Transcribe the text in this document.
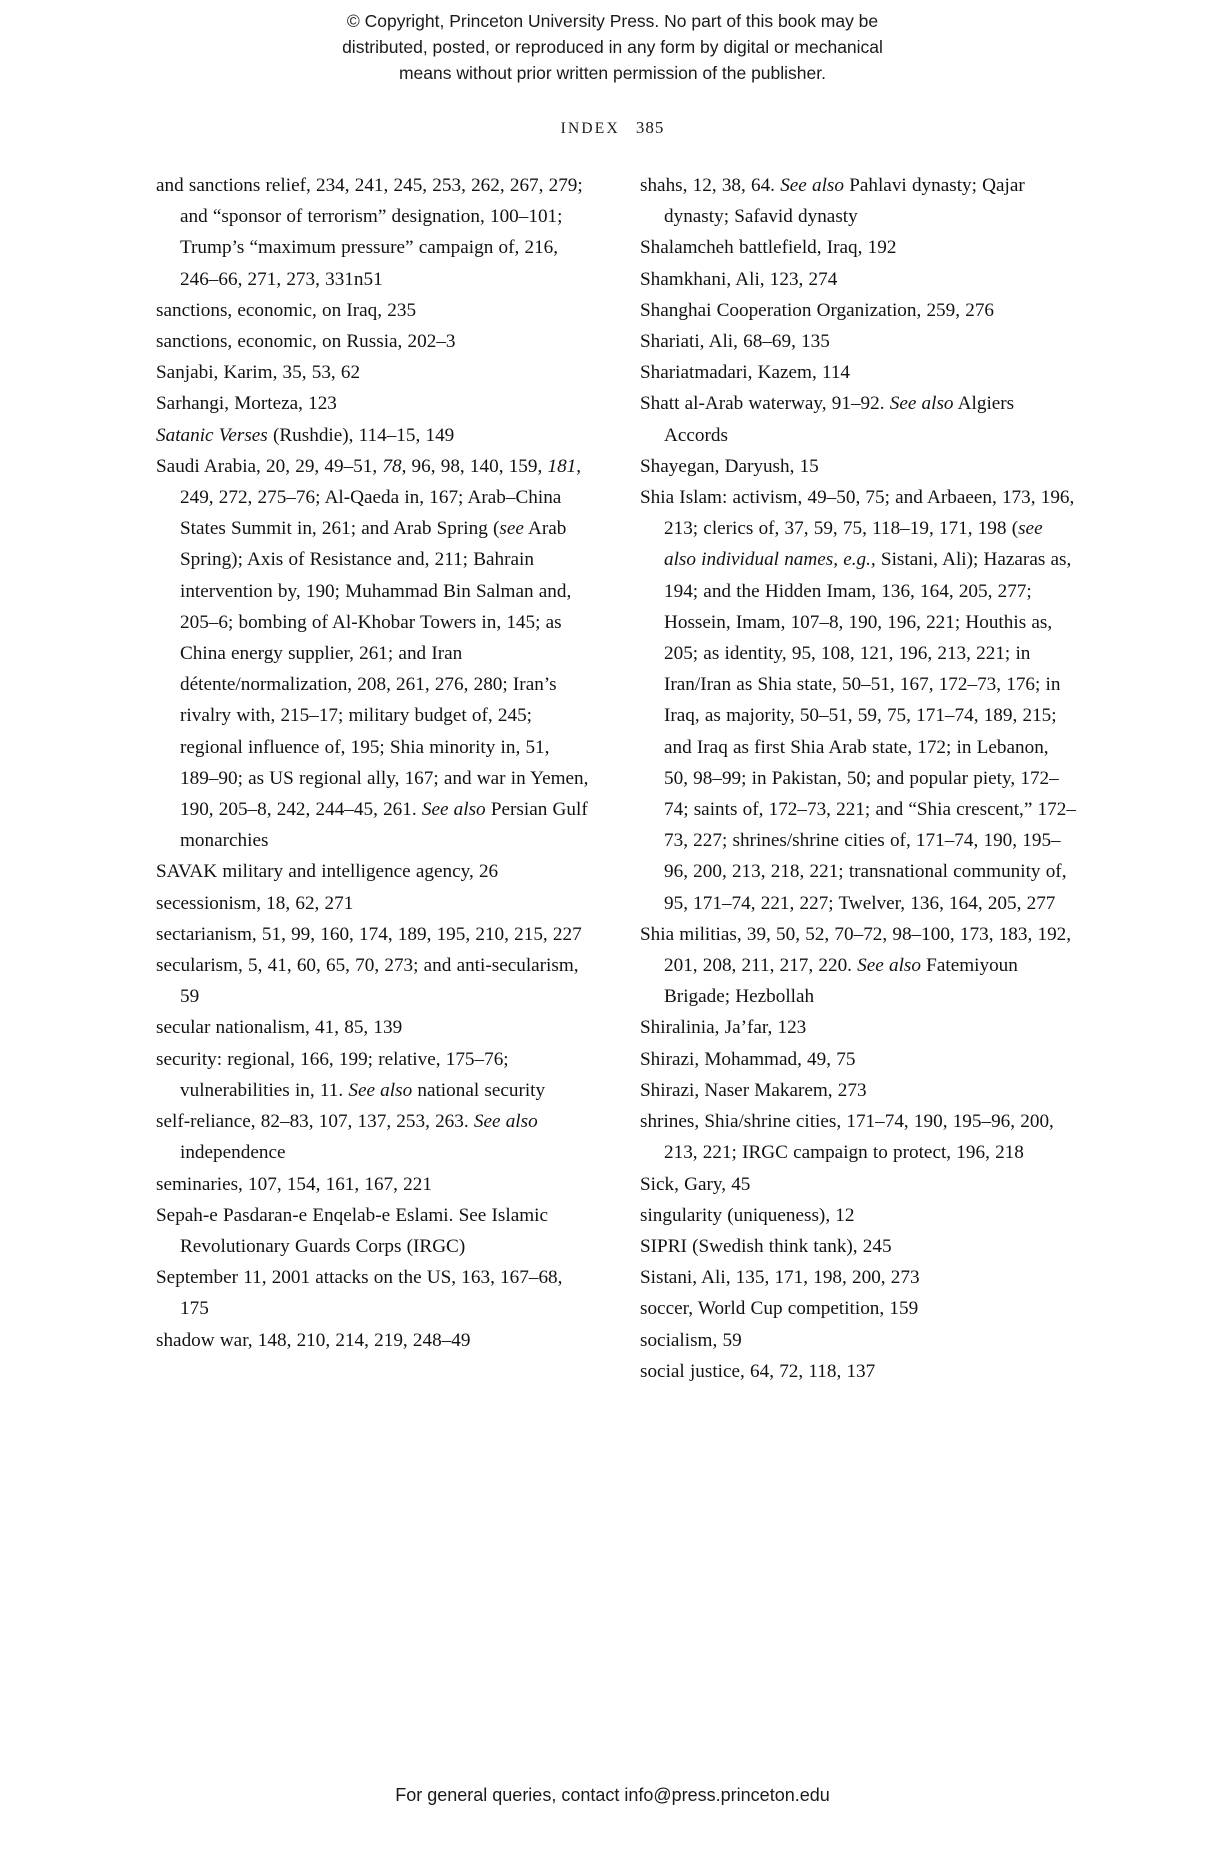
© Copyright, Princeton University Press. No part of this book may be
distributed, posted, or reproduced in any form by digital or mechanical
means without prior written permission of the publisher.
INDEX 385

and sanctions relief, 234, 241, 245, 253, 262, 267, 279; and “sponsor of terrorism” designation, 100–101; Trump’s “maximum pressure” campaign of, 216, 246–66, 271, 273, 331n51

sanctions, economic, on Iraq, 235

sanctions, economic, on Russia, 202–3

Sanjabi, Karim, 35, 53, 62

Sarhangi, Morteza, 123

Satanic Verses (Rushdie), 114–15, 149

Saudi Arabia, 20, 29, 49–51, 78, 96, 98, 140, 159, 181, 249, 272, 275–76; Al-Qaeda in, 167; Arab–China States Summit in, 261; and Arab Spring (see Arab Spring); Axis of Resistance and, 211; Bahrain intervention by, 190; Muhammad Bin Salman and, 205–6; bombing of Al-Khobar Towers in, 145; as China energy supplier, 261; and Iran détente/normalization, 208, 261, 276, 280; Iran’s rivalry with, 215–17; military budget of, 245; regional influence of, 195; Shia minority in, 51, 189–90; as US regional ally, 167; and war in Yemen, 190, 205–8, 242, 244–45, 261. See also Persian Gulf monarchies

SAVAK military and intelligence agency, 26

secessionism, 18, 62, 271

sectarianism, 51, 99, 160, 174, 189, 195, 210, 215, 227

secularism, 5, 41, 60, 65, 70, 273; and anti-secularism, 59

secular nationalism, 41, 85, 139

security: regional, 166, 199; relative, 175–76; vulnerabilities in, 11. See also national security

self-reliance, 82–83, 107, 137, 253, 263. See also independence

seminaries, 107, 154, 161, 167, 221

Sepah-e Pasdaran-e Enqelab-e Eslami. See Islamic Revolutionary Guards Corps (IRGC)

September 11, 2001 attacks on the US, 163, 167–68, 175

shadow war, 148, 210, 214, 219, 248–49

shahs, 12, 38, 64. See also Pahlavi dynasty; Qajar dynasty; Safavid dynasty

Shalamcheh battlefield, Iraq, 192

Shamkhani, Ali, 123, 274

Shanghai Cooperation Organization, 259, 276

Shariati, Ali, 68–69, 135

Shariatmadari, Kazem, 114

Shatt al-Arab waterway, 91–92. See also Algiers Accords

Shayegan, Daryush, 15

Shia Islam: activism, 49–50, 75; and Arbaeen, 173, 196, 213; clerics of, 37, 59, 75, 118–19, 171, 198 (see also individual names, e.g., Sistani, Ali); Hazaras as, 194; and the Hidden Imam, 136, 164, 205, 277; Hossein, Imam, 107–8, 190, 196, 221; Houthis as, 205; as identity, 95, 108, 121, 196, 213, 221; in Iran/Iran as Shia state, 50–51, 167, 172–73, 176; in Iraq, as majority, 50–51, 59, 75, 171–74, 189, 215; and Iraq as first Shia Arab state, 172; in Lebanon, 50, 98–99; in Pakistan, 50; and popular piety, 172–74; saints of, 172–73, 221; and “Shia crescent,” 172–73, 227; shrines/shrine cities of, 171–74, 190, 195–96, 200, 213, 218, 221; transnational community of, 95, 171–74, 221, 227; Twelver, 136, 164, 205, 277

Shia militias, 39, 50, 52, 70–72, 98–100, 173, 183, 192, 201, 208, 211, 217, 220. See also Fatemiyoun Brigade; Hezbollah

Shiralinia, Ja’far, 123

Shirazi, Mohammad, 49, 75

Shirazi, Naser Makarem, 273

shrines, Shia/shrine cities, 171–74, 190, 195–96, 200, 213, 221; IRGC campaign to protect, 196, 218

Sick, Gary, 45

singularity (uniqueness), 12

SIPRI (Swedish think tank), 245

Sistani, Ali, 135, 171, 198, 200, 273

soccer, World Cup competition, 159

socialism, 59

social justice, 64, 72, 118, 137

For general queries, contact info@press.princeton.edu
